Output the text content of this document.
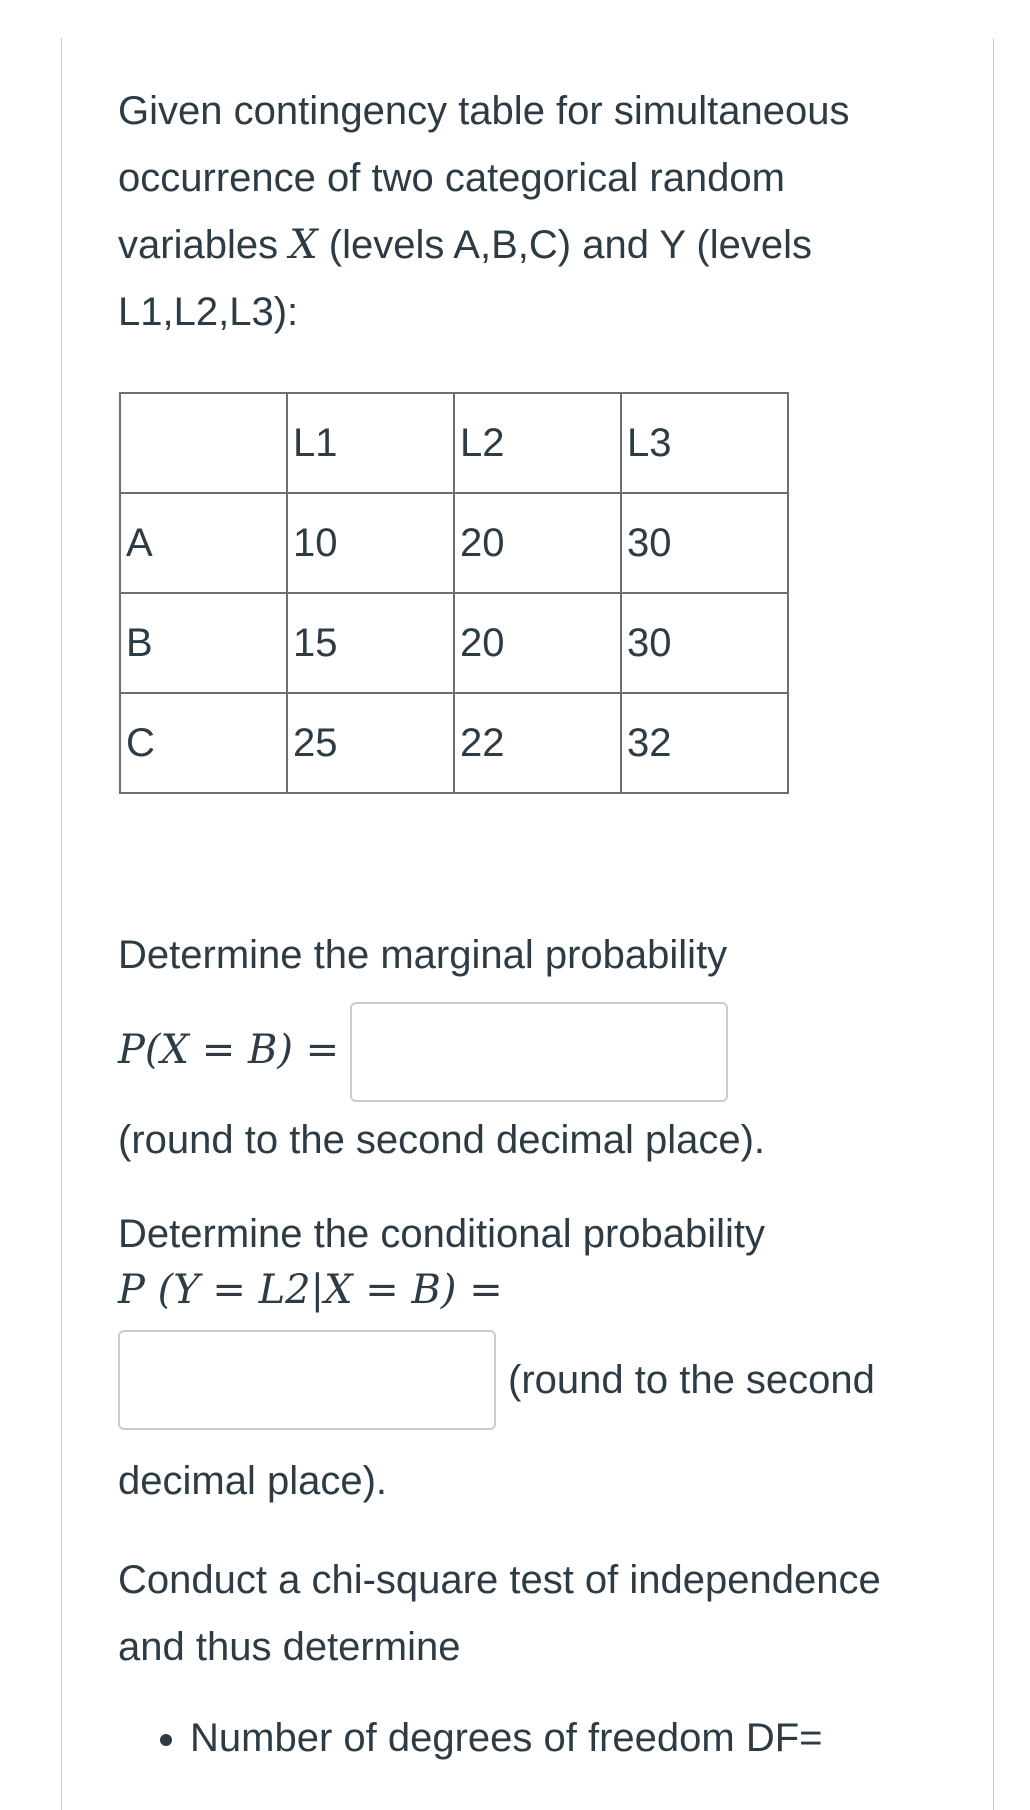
Given contingency table for simultaneous occurrence of two categorical random variables X (levels A,B,C) and Y (levels L1,L2,L3):

	L1	L2	L3
A	10	20	30
B	15	20	30
C	25	22	32

Determine the marginal probability

P(X = B) =

(round to the second decimal place).

Determine the conditional probability

P (Y = L2|X = B) =

(round to the second

decimal place).

Conduct a chi-square test of independence and thus determine

• Number of degrees of freedom DF=
